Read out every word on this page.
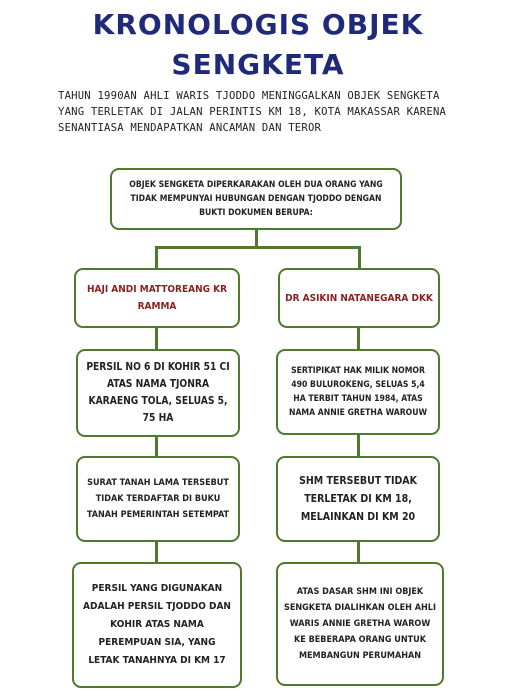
KRONOLOGIS OBJEK
SENGKETA

TAHUN 1990AN AHLI WARIS TJODDO MENINGGALKAN OBJEK SENGKETA YANG TERLETAK DI JALAN PERINTIS KM 18, KOTA MAKASSAR KARENA SENANTIASA MENDAPATKAN ANCAMAN DAN TEROR

OBJEK SENGKETA DIPERKARAKAN OLEH DUA ORANG YANG TIDAK MEMPUNYAI HUBUNGAN DENGAN TJODDO DENGAN BUKTI DOKUMEN BERUPA:
HAJI ANDI MATTOREANG KR RAMMA
DR ASIKIN NATANEGARA DKK
PERSIL NO 6 DI KOHIR 51 CI ATAS NAMA TJONRA KARAENG TOLA, SELUAS 5, 75 HA
SERTIPIKAT HAK MILIK NOMOR 490 BULUROKENG, SELUAS 5,4 HA TERBIT TAHUN 1984, ATAS NAMA ANNIE GRETHA WAROUW
SURAT TANAH LAMA TERSEBUT TIDAK TERDAFTAR DI BUKU TANAH PEMERINTAH SETEMPAT
SHM TERSEBUT TIDAK TERLETAK DI KM 18, MELAINKAN DI KM 20
PERSIL YANG DIGUNAKAN ADALAH PERSIL TJODDO DAN KOHIR ATAS NAMA PEREMPUAN SIA, YANG LETAK TANAHNYA DI KM 17
ATAS DASAR SHM INI OBJEK SENGKETA DIALIHKAN OLEH AHLI WARIS ANNIE GRETHA WAROW KE BEBERAPA ORANG UNTUK MEMBANGUN PERUMAHAN
